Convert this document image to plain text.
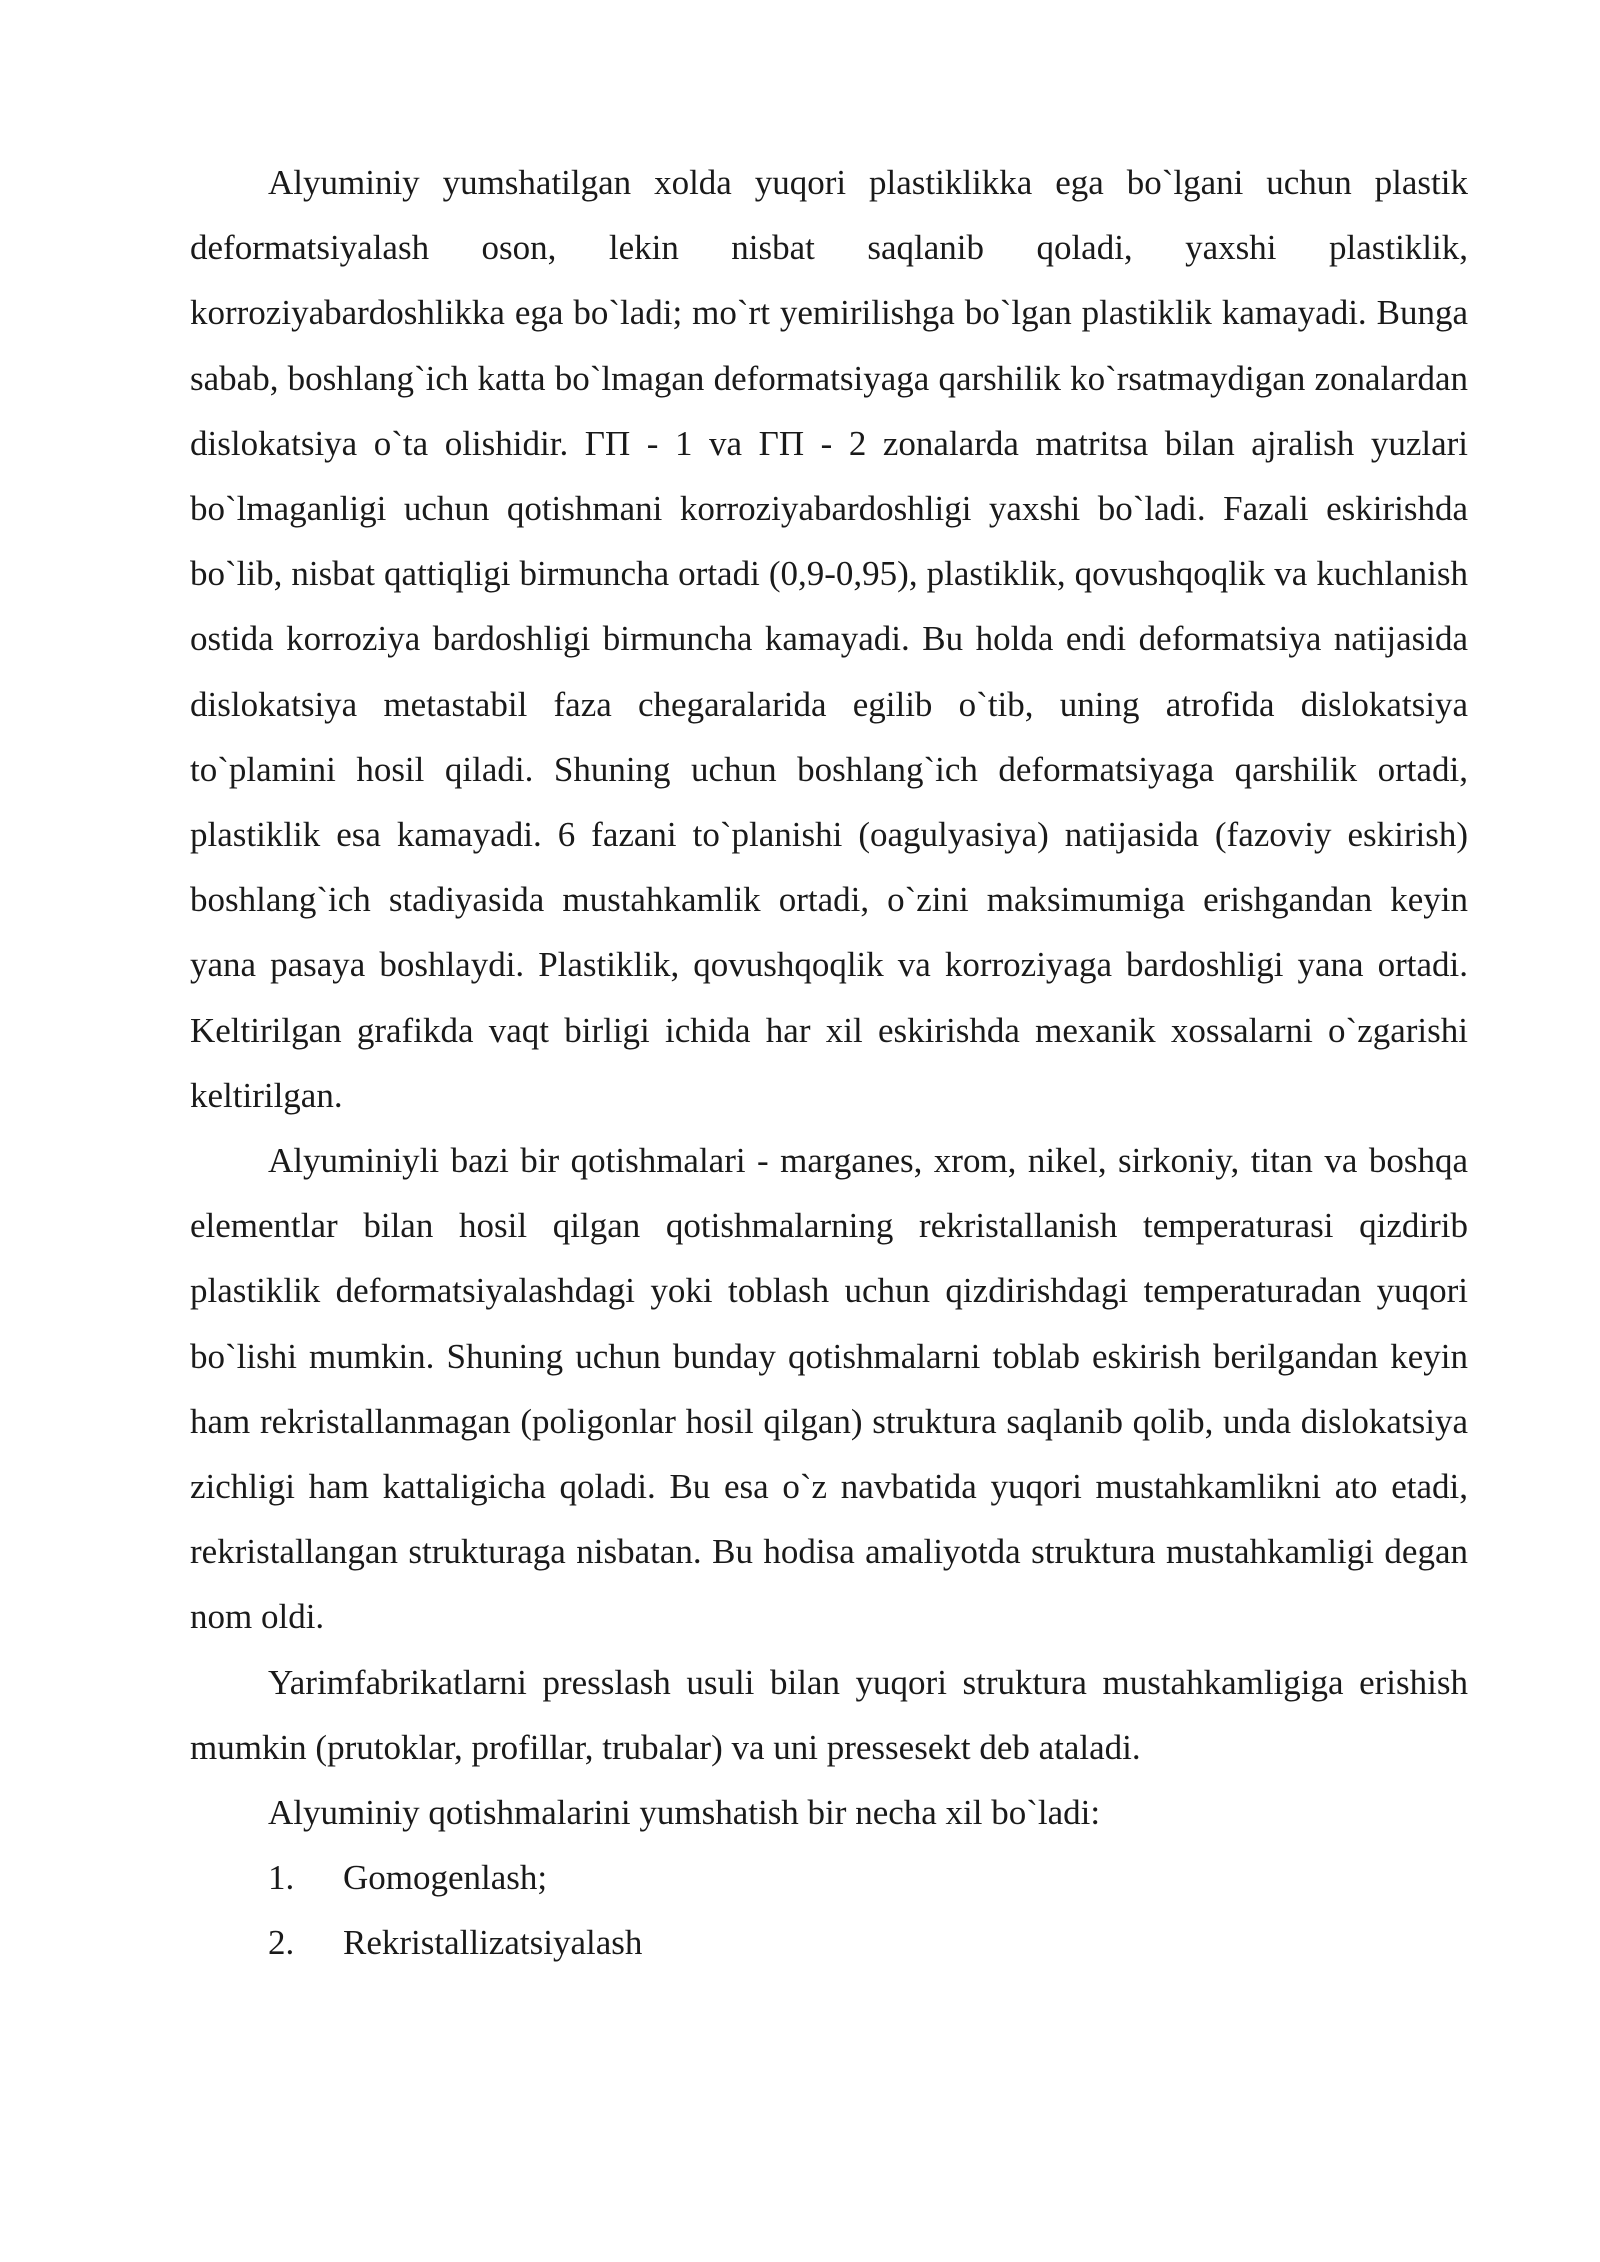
Alyuminiy yumshatilgan xolda yuqori plastiklikka ega bo`lgani uchun plastik deformatsiyalash oson, lekin nisbat saqlanib qoladi, yaxshi plastiklik, korroziyabardoshlikka ega bo`ladi; mo`rt yemirilishga bo`lgan plastiklik kamayadi. Bunga sabab, boshlang`ich katta bo`lmagan deformatsiyaga qarshilik ko`rsatmaydigan zonalardan dislokatsiya o`ta olishidir. ГП - 1 va ГП - 2 zonalarda matritsa bilan ajralish yuzlari bo`lmaganligi uchun qotishmani korroziyabardoshligi yaxshi bo`ladi. Fazali eskirishda bo`lib, nisbat qattiqligi birmuncha ortadi (0,9-0,95), plastiklik, qovushqoqlik va kuchlanish ostida korroziya bardoshligi birmuncha kamayadi. Bu holda endi deformatsiya natijasida dislokatsiya metastabil faza chegaralarida egilib o`tib, uning atrofida dislokatsiya to`plamini hosil qiladi. Shuning uchun boshlang`ich deformatsiyaga qarshilik ortadi, plastiklik esa kamayadi. 6 fazani to`planishi (oagulyasiya) natijasida (fazoviy eskirish) boshlang`ich stadiyasida mustahkamlik ortadi, o`zini maksimumiga erishgandan keyin yana pasaya boshlaydi. Plastiklik, qovushqoqlik va korroziyaga bardoshligi yana ortadi. Keltirilgan grafikda vaqt birligi ichida har xil eskirishda mexanik xossalarni o`zgarishi keltirilgan.

Alyuminiyli bazi bir qotishmalari - marganes, xrom, nikel, sirkoniy, titan va boshqa elementlar bilan hosil qilgan qotishmalarning rekristallanish temperaturasi qizdirib plastiklik deformatsiyalashdagi yoki toblash uchun qizdirishdagi temperaturadan yuqori bo`lishi mumkin. Shuning uchun bunday qotishmalarni toblab eskirish berilgandan keyin ham rekristallanmagan (poligonlar hosil qilgan) struktura saqlanib qolib, unda dislokatsiya zichligi ham kattaligicha qoladi. Bu esa o`z navbatida yuqori mustahkamlikni ato etadi, rekristallangan strukturaga nisbatan. Bu hodisa amaliyotda struktura mustahkamligi degan nom oldi.

Yarimfabrikatlarni presslash usuli bilan yuqori struktura mustahkamligiga erishish mumkin (prutoklar, profillar, trubalar) va uni pressesekt deb ataladi.

Alyuminiy qotishmalarini yumshatish bir necha xil bo`ladi:

1.	Gomogenlash;
2.	Rekristallizatsiyalash
